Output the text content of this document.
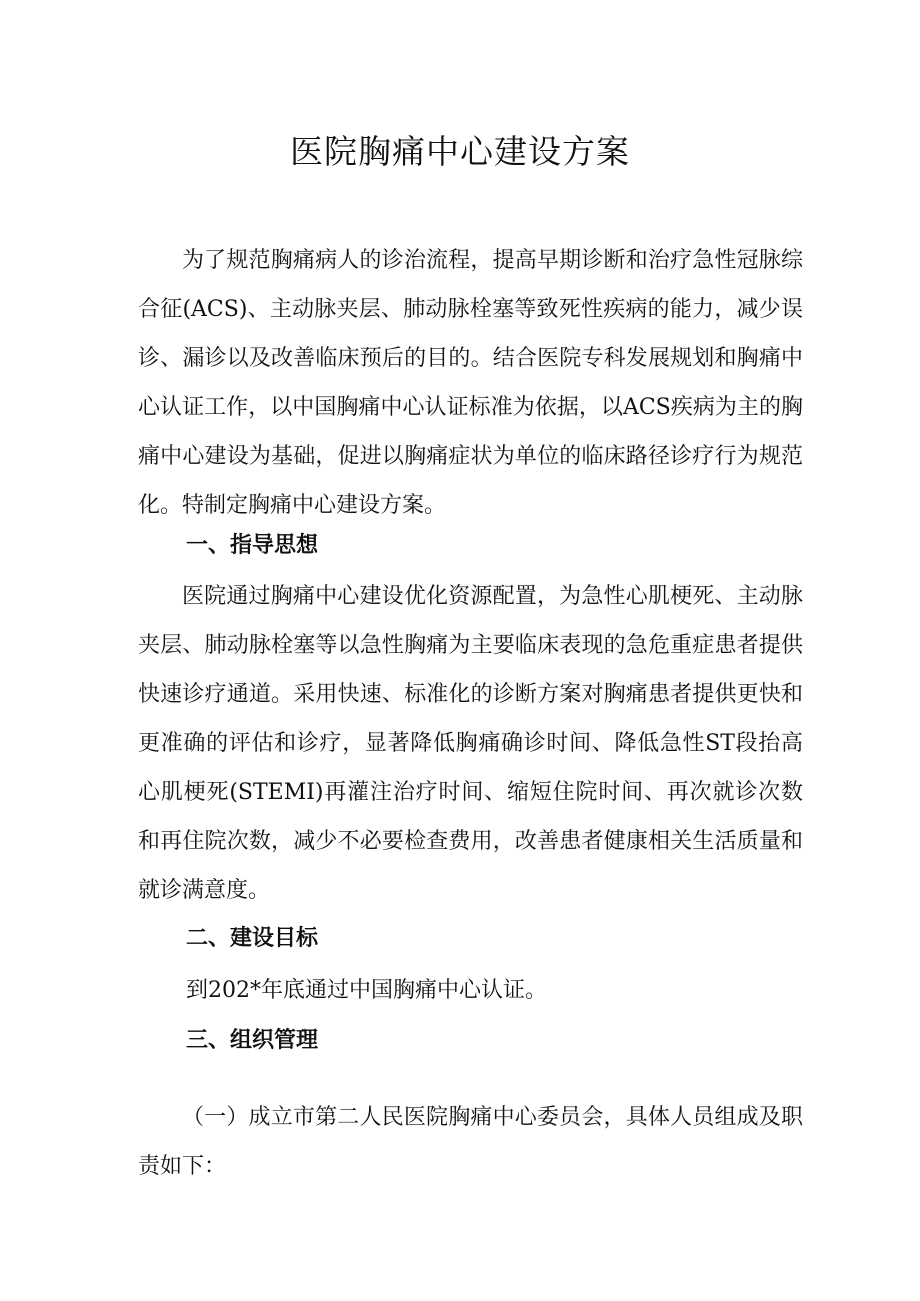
医院胸痛中心建设方案

为了规范胸痛病人的诊治流程，提高早期诊断和治疗急性冠脉综合征(ACS)、主动脉夹层、肺动脉栓塞等致死性疾病的能力，减少误诊、漏诊以及改善临床预后的目的。结合医院专科发展规划和胸痛中心认证工作，以中国胸痛中心认证标准为依据，以ACS疾病为主的胸痛中心建设为基础，促进以胸痛症状为单位的临床路径诊疗行为规范化。特制定胸痛中心建设方案。

一、指导思想

医院通过胸痛中心建设优化资源配置，为急性心肌梗死、主动脉夹层、肺动脉栓塞等以急性胸痛为主要临床表现的急危重症患者提供快速诊疗通道。采用快速、标准化的诊断方案对胸痛患者提供更快和更准确的评估和诊疗，显著降低胸痛确诊时间、降低急性ST段抬高心肌梗死(STEMI)再灌注治疗时间、缩短住院时间、再次就诊次数和再住院次数，减少不必要检查费用，改善患者健康相关生活质量和就诊满意度。

二、建设目标

到202*年底通过中国胸痛中心认证。

三、组织管理

（一）成立市第二人民医院胸痛中心委员会，具体人员组成及职责如下：
